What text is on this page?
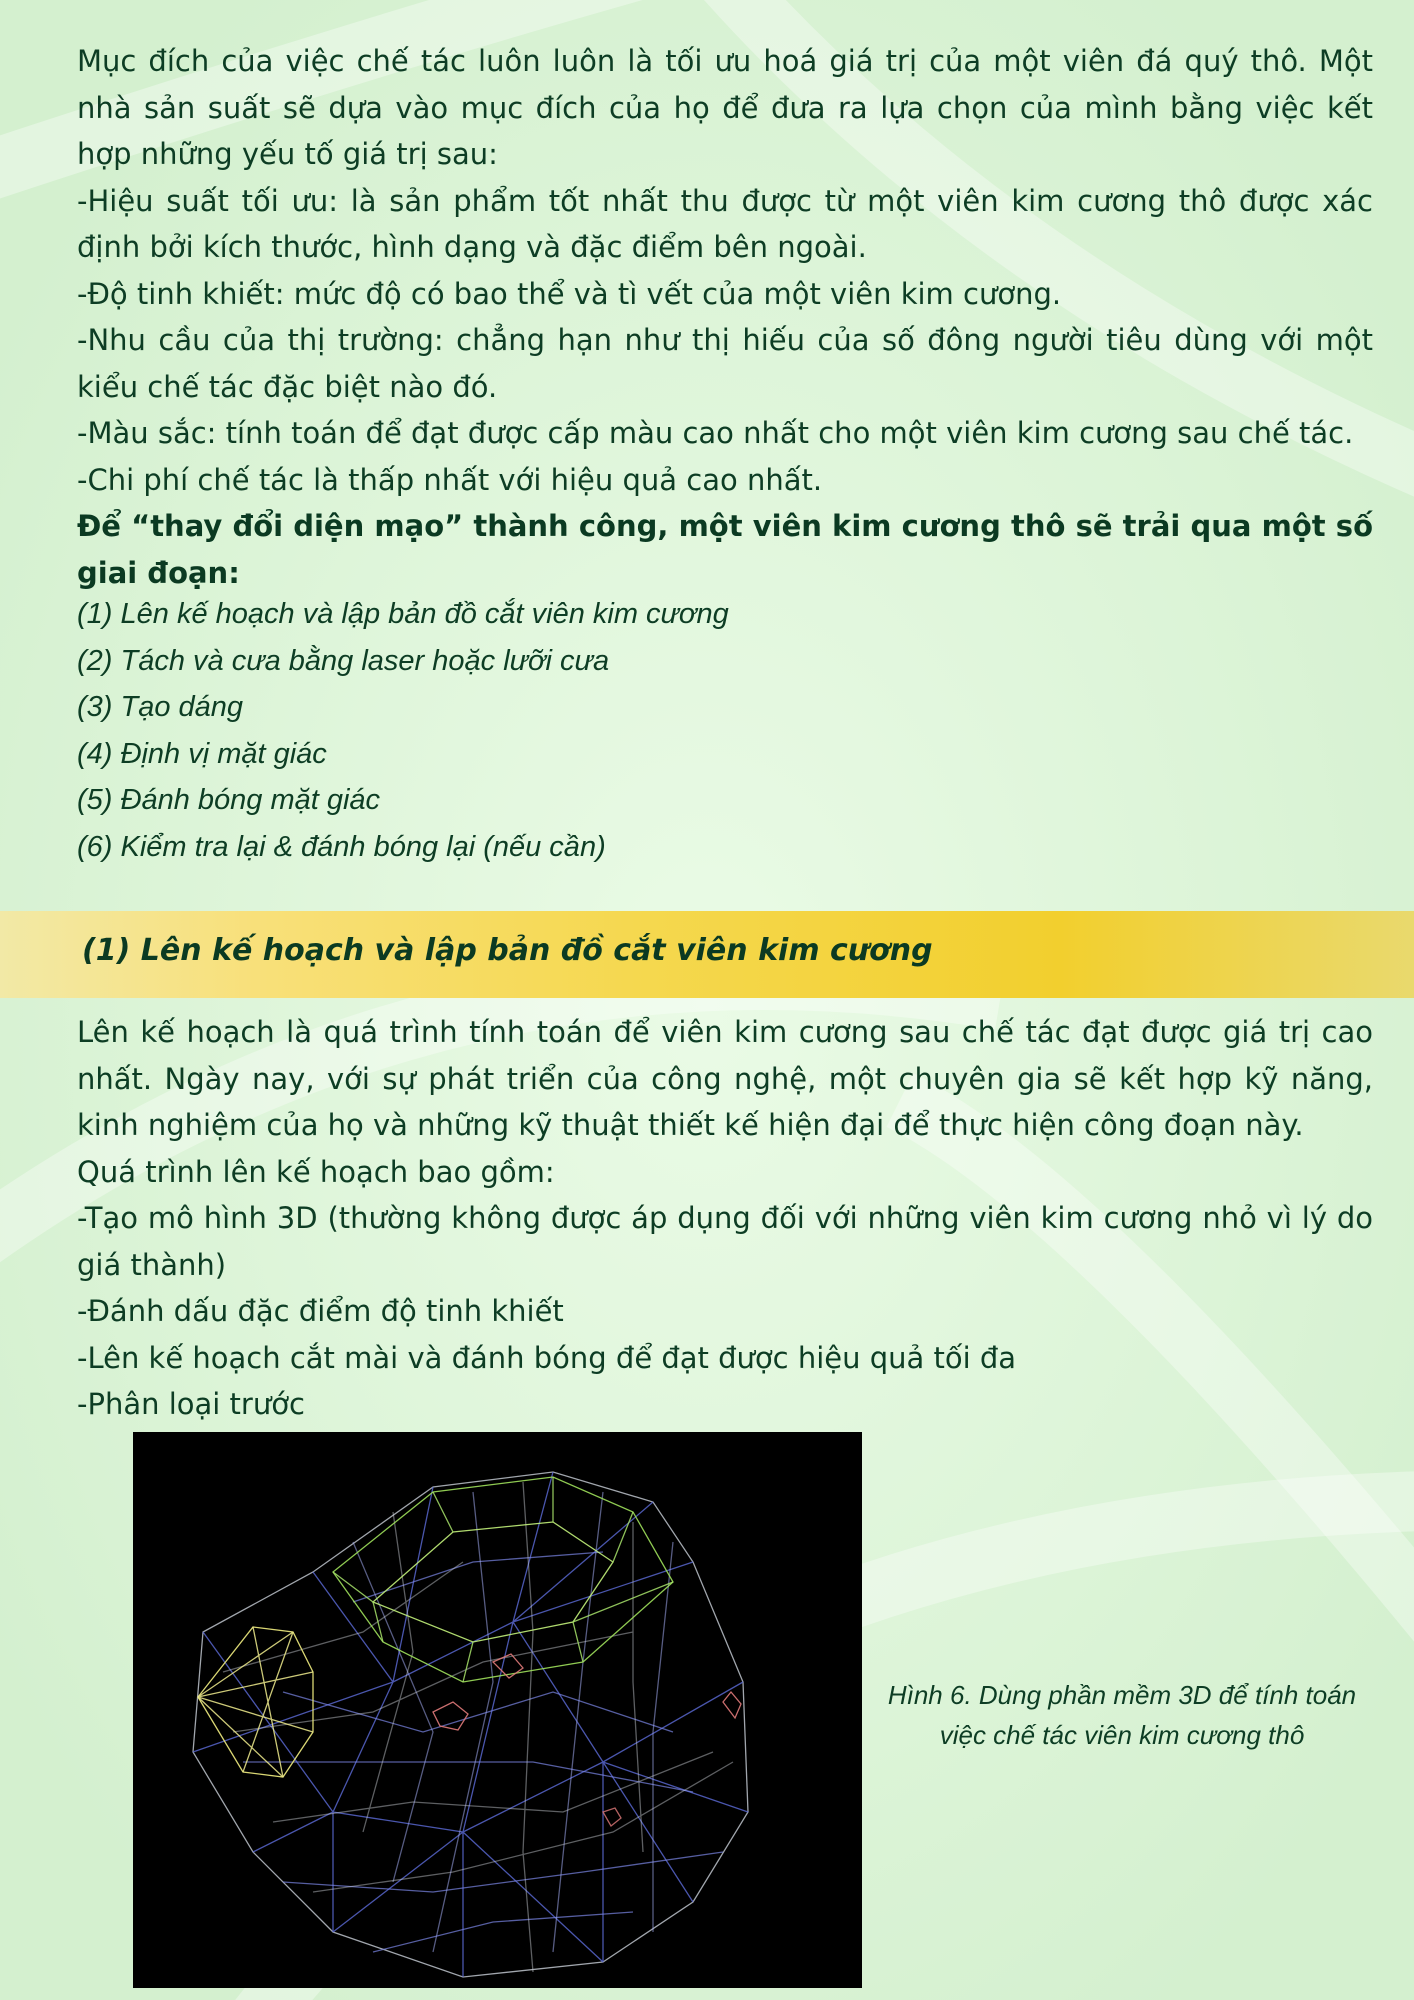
Mục đích của việc chế tác luôn luôn là tối ưu hoá giá trị của một viên đá quý thô. Một nhà sản suất sẽ dựa vào mục đích của họ để đưa ra lựa chọn của mình bằng việc kết hợp những yếu tố giá trị sau:

-Hiệu suất tối ưu: là sản phẩm tốt nhất thu được từ một viên kim cương thô được xác định bởi kích thước, hình dạng và đặc điểm bên ngoài.

-Độ tinh khiết: mức độ có bao thể và tì vết của một viên kim cương.

-Nhu cầu của thị trường: chẳng hạn như thị hiếu của số đông người tiêu dùng với một kiểu chế tác đặc biệt nào đó.

-Màu sắc: tính toán để đạt được cấp màu cao nhất cho một viên kim cương sau chế tác.

-Chi phí chế tác là thấp nhất với hiệu quả cao nhất.

Để “thay đổi diện mạo” thành công, một viên kim cương thô sẽ trải qua một số giai đoạn:

(1) Lên kế hoạch và lập bản đồ cắt viên kim cương
(2) Tách và cưa bằng laser hoặc lưỡi cưa
(3) Tạo dáng
(4) Định vị mặt giác
(5) Đánh bóng mặt giác
(6) Kiểm tra lại & đánh bóng lại (nếu cần)
(1) Lên kế hoạch và lập bản đồ cắt viên kim cương

Lên kế hoạch là quá trình tính toán để viên kim cương sau chế tác đạt được giá trị cao nhất. Ngày nay, với sự phát triển của công nghệ, một chuyên gia sẽ kết hợp kỹ năng, kinh nghiệm của họ và những kỹ thuật thiết kế hiện đại để thực hiện công đoạn này.

Quá trình lên kế hoạch bao gồm:

-Tạo mô hình 3D (thường không được áp dụng đối với những viên kim cương nhỏ vì lý do giá thành)

-Đánh dấu đặc điểm độ tinh khiết

-Lên kế hoạch cắt mài và đánh bóng để đạt được hiệu quả tối đa

-Phân loại trước

Hình 6. Dùng phần mềm 3D để tính toán việc chế tác viên kim cương thô
